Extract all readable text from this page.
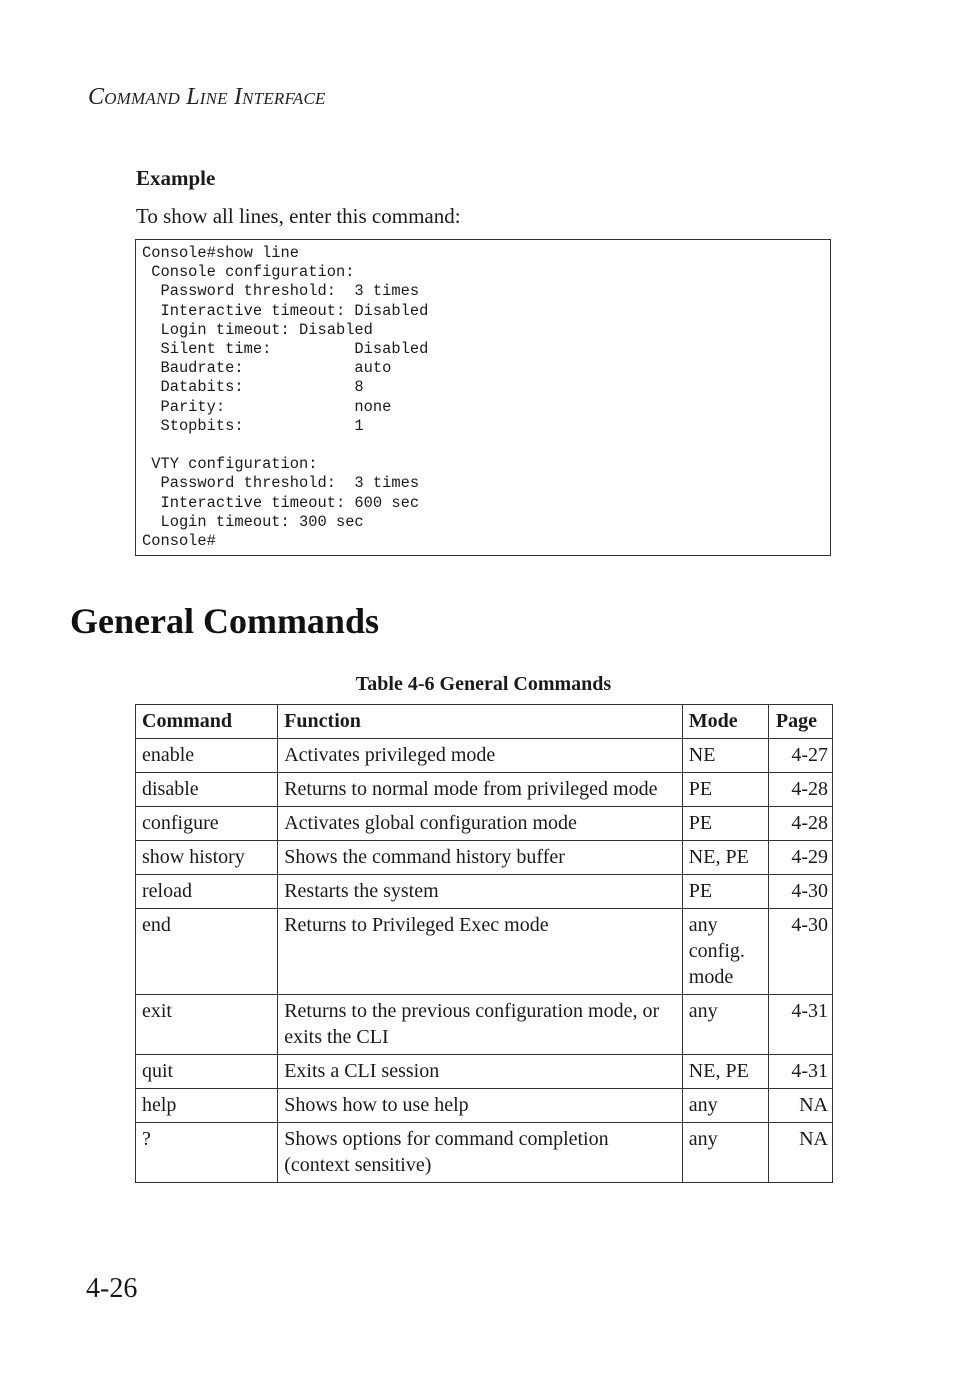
Command Line Interface
Example
To show all lines, enter this command:
Console#show line
Console configuration:
Password threshold:  3 times
Interactive timeout: Disabled
Login timeout: Disabled
Silent time:         Disabled
Baudrate:            auto
Databits:            8
Parity:              none
Stopbits:            1

VTY configuration:
Password threshold:  3 times
Interactive timeout: 600 sec
Login timeout: 300 sec
Console#
General Commands
Table 4-6 General Commands
Command	Function	Mode	Page
enable	Activates privileged mode	NE	4-27
disable	Returns to normal mode from privileged mode	PE	4-28
configure	Activates global configuration mode	PE	4-28
show history	Shows the command history buffer	NE, PE	4-29
reload	Restarts the system	PE	4-30
end	Returns to Privileged Exec mode	any config. mode	4-30
exit	Returns to the previous configuration mode, or exits the CLI	any	4-31
quit	Exits a CLI session	NE, PE	4-31
help	Shows how to use help	any	NA
?	Shows options for command completion (context sensitive)	any	NA
4-26
